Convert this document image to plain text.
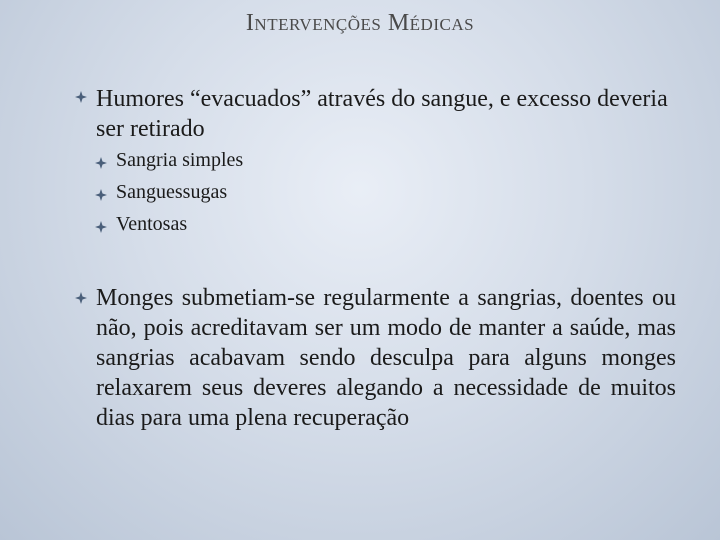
Intervenções Médicas
Humores “evacuados” através do sangue, e excesso deveria ser retirado
Sangria simples
Sanguessugas
Ventosas
Monges submetiam-se regularmente a sangrias, doentes ou não, pois acreditavam ser um modo de manter a saúde, mas sangrias acabavam sendo desculpa para alguns monges relaxarem seus deveres alegando a necessidade de muitos dias para uma plena recuperação
